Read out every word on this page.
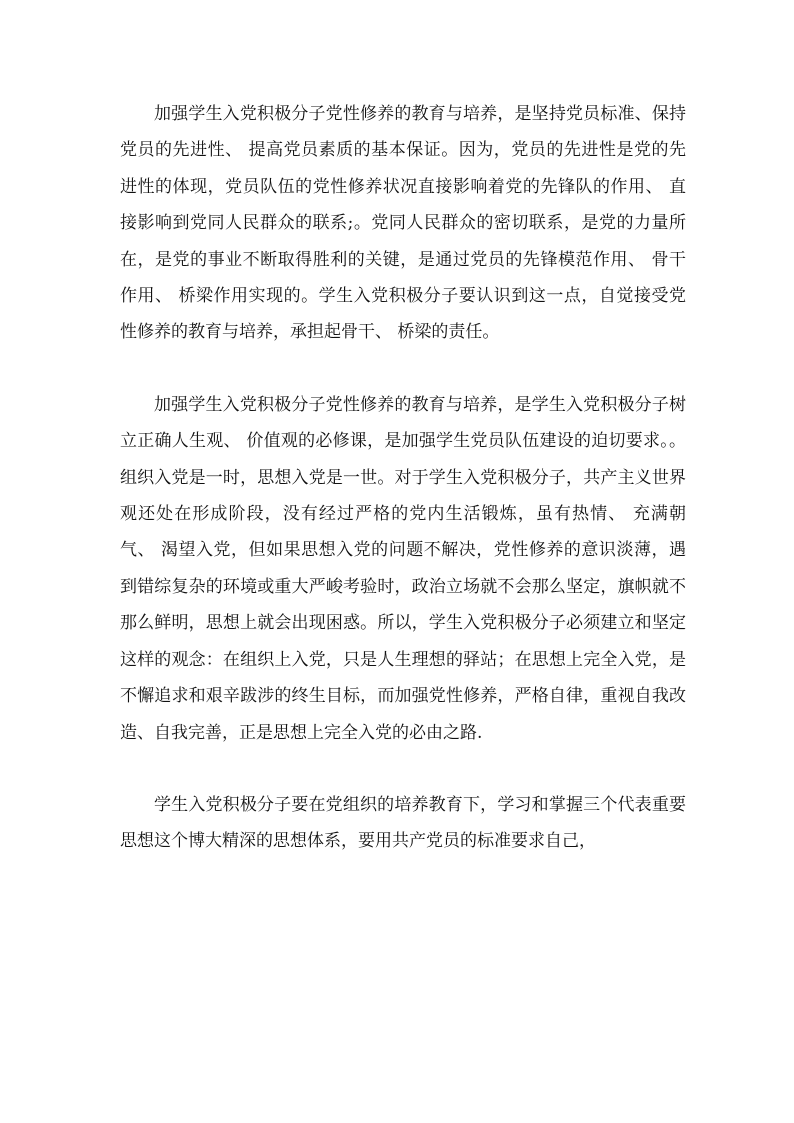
加强学生入党积极分子党性修养的教育与培养，是坚持党员标准、保持党员的先进性、 提高党员素质的基本保证。因为，党员的先进性是党的先进性的体现，党员队伍的党性修养状况直接影响着党的先锋队的作用、 直接影响到党同人民群众的联系;。党同人民群众的密切联系，是党的力量所在，是党的事业不断取得胜利的关键，是通过党员的先锋模范作用、 骨干作用、 桥梁作用实现的。学生入党积极分子要认识到这一点，自觉接受党性修养的教育与培养，承担起骨干、 桥梁的责任。

加强学生入党积极分子党性修养的教育与培养，是学生入党积极分子树立正确人生观、 价值观的必修课，是加强学生党员队伍建设的迫切要求。。组织入党是一时，思想入党是一世。对于学生入党积极分子，共产主义世界观还处在形成阶段，没有经过严格的党内生活锻炼，虽有热情、 充满朝气、 渴望入党，但如果思想入党的问题不解决，党性修养的意识淡薄，遇到错综复杂的环境或重大严峻考验时，政治立场就不会那么坚定，旗帜就不那么鲜明，思想上就会出现困惑。所以，学生入党积极分子必须建立和坚定这样的观念：在组织上入党，只是人生理想的驿站；在思想上完全入党，是不懈追求和艰辛跋涉的终生目标，而加强党性修养，严格自律，重视自我改造、自我完善，正是思想上完全入党的必由之路.

学生入党积极分子要在党组织的培养教育下，学习和掌握三个代表重要思想这个博大精深的思想体系，要用共产党员的标准要求自己，
